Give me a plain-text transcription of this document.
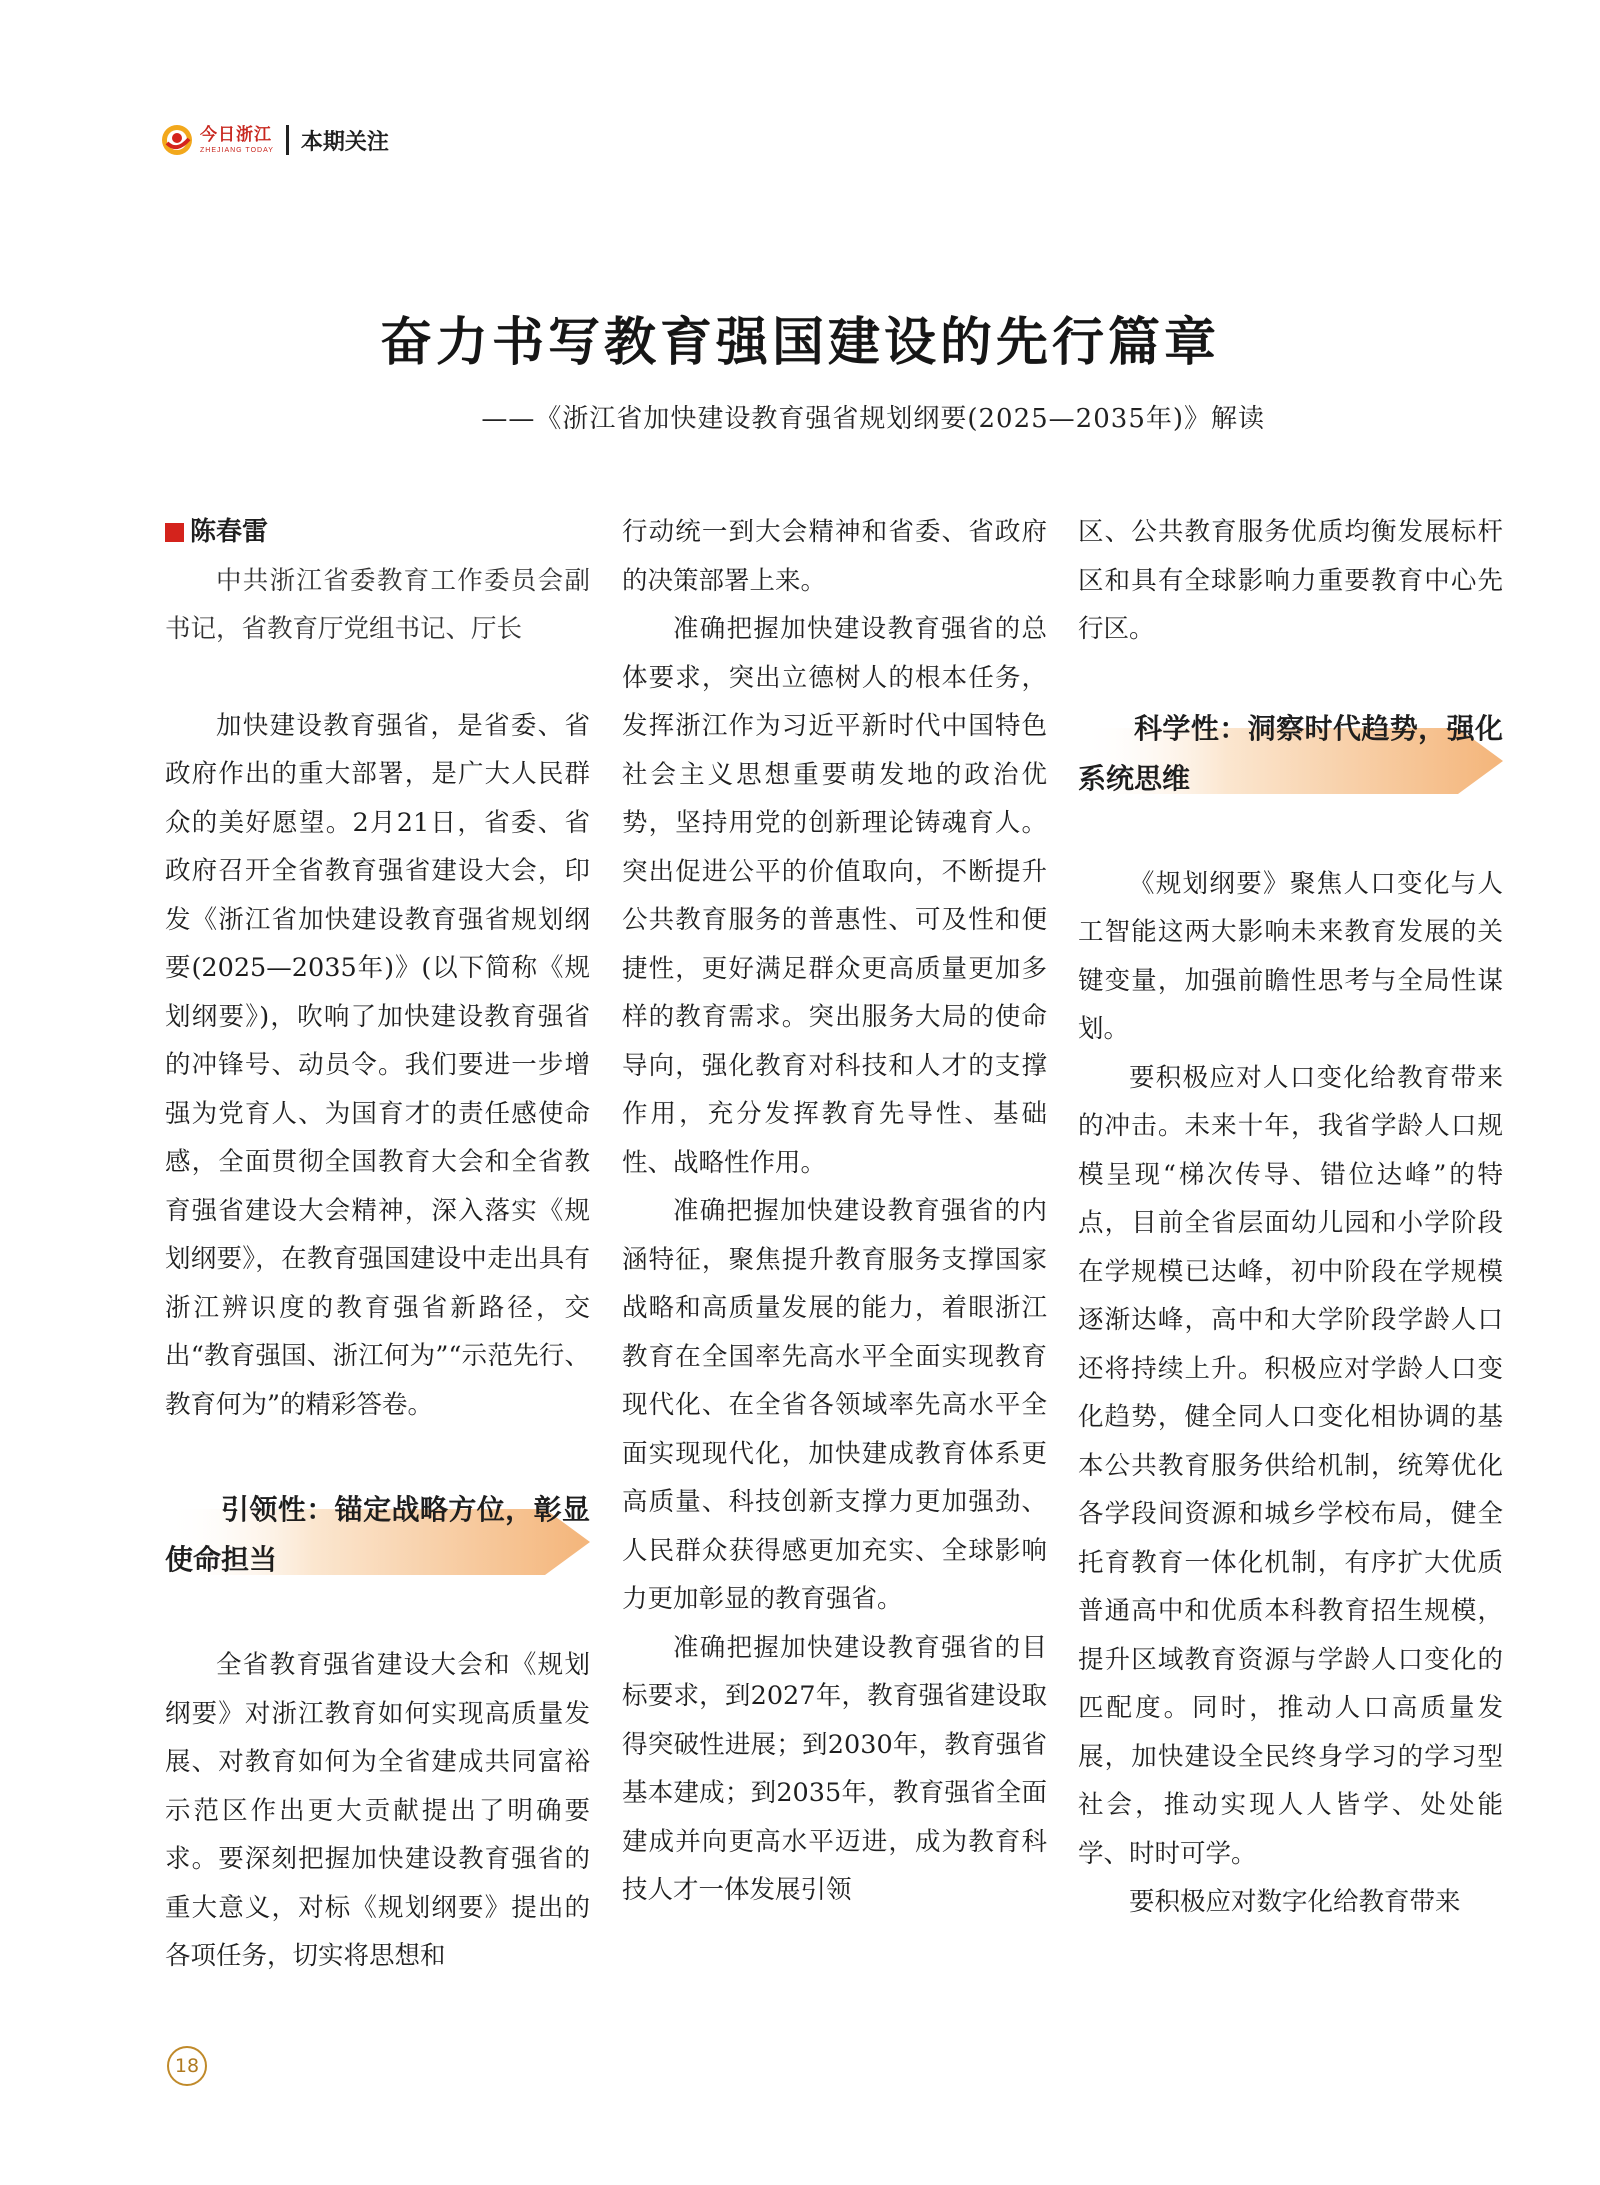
今日浙江
ZHEJIANG TODAY 本期关注
奋力书写教育强国建设的先行篇章
——《浙江省加快建设教育强省规划纲要(2025—2035年)》解读
陈春雷

中共浙江省委教育工作委员会副书记，省教育厅党组书记、厅长

加快建设教育强省，是省委、省政府作出的重大部署，是广大人民群众的美好愿望。2月21日，省委、省政府召开全省教育强省建设大会，印发《浙江省加快建设教育强省规划纲要(2025—2035年)》(以下简称《规划纲要》)，吹响了加快建设教育强省的冲锋号、动员令。我们要进一步增强为党育人、为国育才的责任感使命感，全面贯彻全国教育大会和全省教育强省建设大会精神，深入落实《规划纲要》，在教育强国建设中走出具有浙江辨识度的教育强省新路径，交出“教育强国、浙江何为”“示范先行、教育何为”的精彩答卷。

引领性：锚定战略方位，彰显使命担当

全省教育强省建设大会和《规划纲要》对浙江教育如何实现高质量发展、对教育如何为全省建成共同富裕示范区作出更大贡献提出了明确要求。要深刻把握加快建设教育强省的重大意义，对标《规划纲要》提出的各项任务，切实将思想和

行动统一到大会精神和省委、省政府的决策部署上来。

准确把握加快建设教育强省的总体要求，突出立德树人的根本任务，发挥浙江作为习近平新时代中国特色社会主义思想重要萌发地的政治优势，坚持用党的创新理论铸魂育人。突出促进公平的价值取向，不断提升公共教育服务的普惠性、可及性和便捷性，更好满足群众更高质量更加多样的教育需求。突出服务大局的使命导向，强化教育对科技和人才的支撑作用，充分发挥教育先导性、基础性、战略性作用。

准确把握加快建设教育强省的内涵特征，聚焦提升教育服务支撑国家战略和高质量发展的能力，着眼浙江教育在全国率先高水平全面实现教育现代化、在全省各领域率先高水平全面实现现代化，加快建成教育体系更高质量、科技创新支撑力更加强劲、人民群众获得感更加充实、全球影响力更加彰显的教育强省。

准确把握加快建设教育强省的目标要求，到2027年，教育强省建设取得突破性进展；到2030年，教育强省基本建成；到2035年，教育强省全面建成并向更高水平迈进，成为教育科技人才一体发展引领

区、公共教育服务优质均衡发展标杆区和具有全球影响力重要教育中心先行区。

科学性：洞察时代趋势，强化系统思维

《规划纲要》聚焦人口变化与人工智能这两大影响未来教育发展的关键变量，加强前瞻性思考与全局性谋划。

要积极应对人口变化给教育带来的冲击。未来十年，我省学龄人口规模呈现“梯次传导、错位达峰”的特点，目前全省层面幼儿园和小学阶段在学规模已达峰，初中阶段在学规模逐渐达峰，高中和大学阶段学龄人口还将持续上升。积极应对学龄人口变化趋势，健全同人口变化相协调的基本公共教育服务供给机制，统筹优化各学段间资源和城乡学校布局，健全托育教育一体化机制，有序扩大优质普通高中和优质本科教育招生规模，提升区域教育资源与学龄人口变化的匹配度。同时，推动人口高质量发展，加快建设全民终身学习的学习型社会，推动实现人人皆学、处处能学、时时可学。

要积极应对数字化给教育带来

18
